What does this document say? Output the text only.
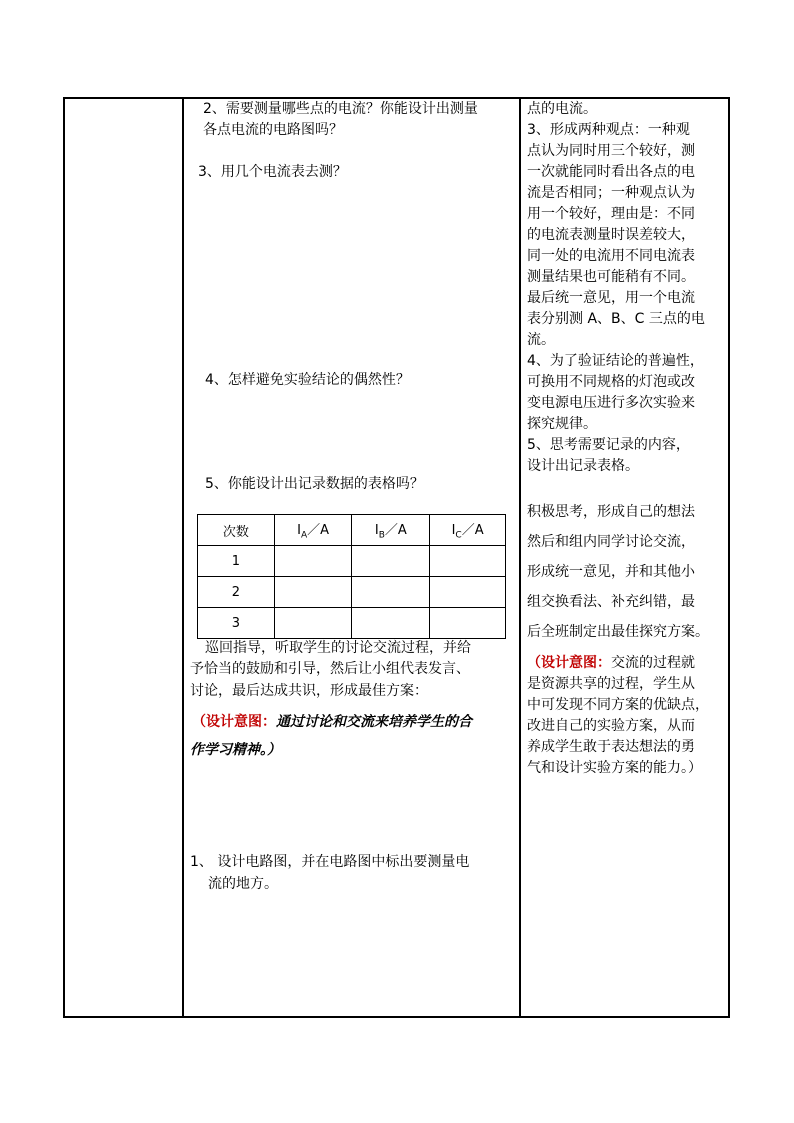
2、需要测量哪些点的电流？你能设计出测量

各点电流的电路图吗？

3、用几个电流表去测？

4、怎样避免实验结论的偶然性？

5、你能设计出记录数据的表格吗？

次数	$I_A/A$	$I_B/A$	$I_C/A$
1			
2			
3			

巡回指导，听取学生的讨论交流过程，并给

予恰当的鼓励和引导，然后让小组代表发言、

讨论，最后达成共识，形成最佳方案：

（设计意图：通过讨论和交流来培养学生的合

作学习精神。）

1、 设计电路图，并在电路图中标出要测量电

流的地方。

点的电流。

3、形成两种观点：一种观

点认为同时用三个较好，测

一次就能同时看出各点的电

流是否相同；一种观点认为

用一个较好，理由是：不同

的电流表测量时误差较大，

同一处的电流用不同电流表

测量结果也可能稍有不同。

最后统一意见，用一个电流

表分别测 A、B、C 三点的电

流。

4、为了验证结论的普遍性，

可换用不同规格的灯泡或改

变电源电压进行多次实验来

探究规律。

5、思考需要记录的内容，

设计出记录表格。

积极思考，形成自己的想法

然后和组内同学讨论交流，

形成统一意见，并和其他小

组交换看法、补充纠错，最

后全班制定出最佳探究方案。

（设计意图：交流的过程就

是资源共享的过程，学生从

中可发现不同方案的优缺点，

改进自己的实验方案，从而

养成学生敢于表达想法的勇

气和设计实验方案的能力。）
